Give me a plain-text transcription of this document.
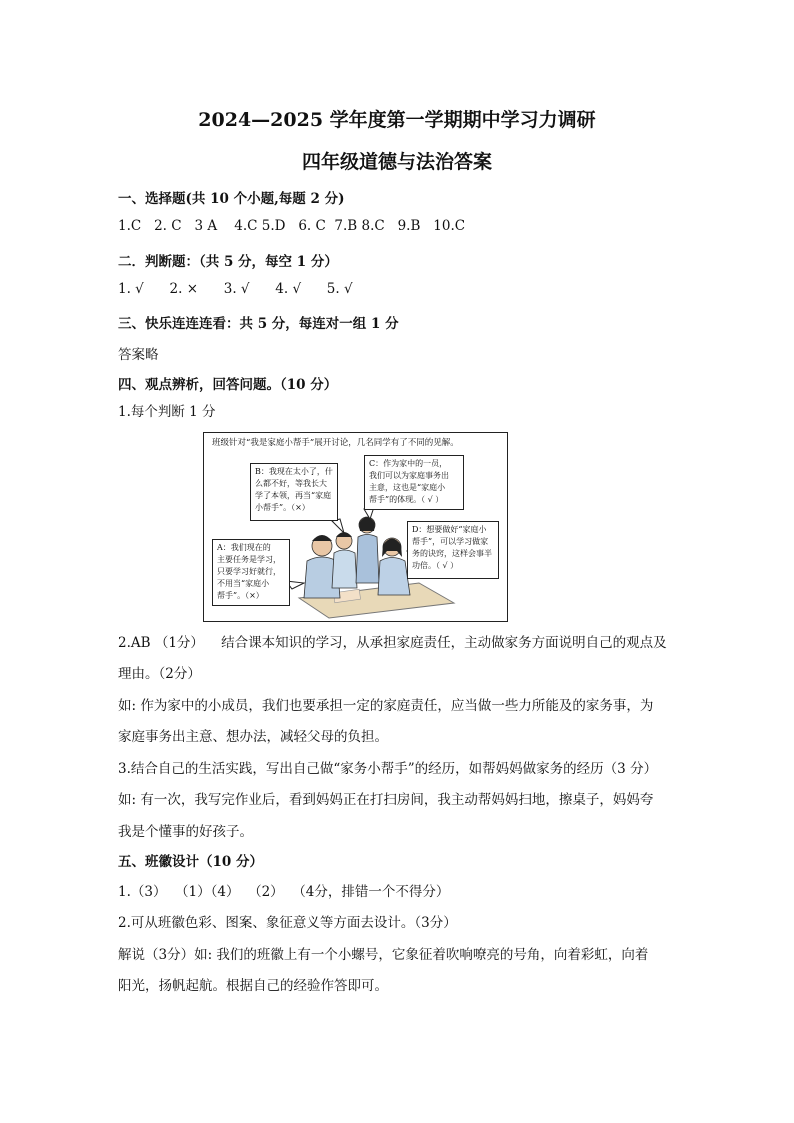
2024—2025 学年度第一学期期中学习力调研
四年级道德与法治答案
一、选择题(共 10 个小题,每题 2 分)
1.C   2. C   3 A    4.C 5.D   6. C  7.B 8.C   9.B   10.C
二．判断题：（共 5 分，每空 1 分）
1. √      2. ×      3. √      4. √      5. √
三、快乐连连连看：共 5 分，每连对一组 1 分
答案略
四、观点辨析，回答问题。（10 分）
1.每个判断 1 分
班级针对“我是家庭小帮手”展开讨论，几名同学有了不同的见解。
A：我们现在的
主要任务是学习，
只要学习好就行，
不用当“家庭小
帮手”。（×）
B：我现在太小了，什
么都不好，等我长大
学了本领，再当“家庭
小帮手”。（×）
C：作为家中的一员，
我们可以为家庭事务出
主意，这也是“家庭小
帮手”的体现。（ √ ）
D：想要做好“家庭小
帮手”，可以学习做家
务的诀窍，这样会事半
功倍。（ √ ）
2.AB （1分）    结合课本知识的学习，从承担家庭责任，主动做家务方面说明自己的观点及
理由。（2分）
如: 作为家中的小成员，我们也要承担一定的家庭责任，应当做一些力所能及的家务事，为
家庭事务出主意、想办法，减轻父母的负担。
3.结合自己的生活实践，写出自己做“家务小帮手”的经历，如帮妈妈做家务的经历（3 分）
如: 有一次，我写完作业后，看到妈妈正在打扫房间，我主动帮妈妈扫地，擦桌子，妈妈夸
我是个懂事的好孩子。
五、班徽设计（10 分）
1.（3）  （1）（4）  （2）  （4分，排错一个不得分）
2.可从班徽色彩、图案、象征意义等方面去设计。（3分）
解说（3分）如: 我们的班徽上有一个小螺号，它象征着吹响嘹亮的号角，向着彩虹，向着
阳光，扬帆起航。根据自己的经验作答即可。
